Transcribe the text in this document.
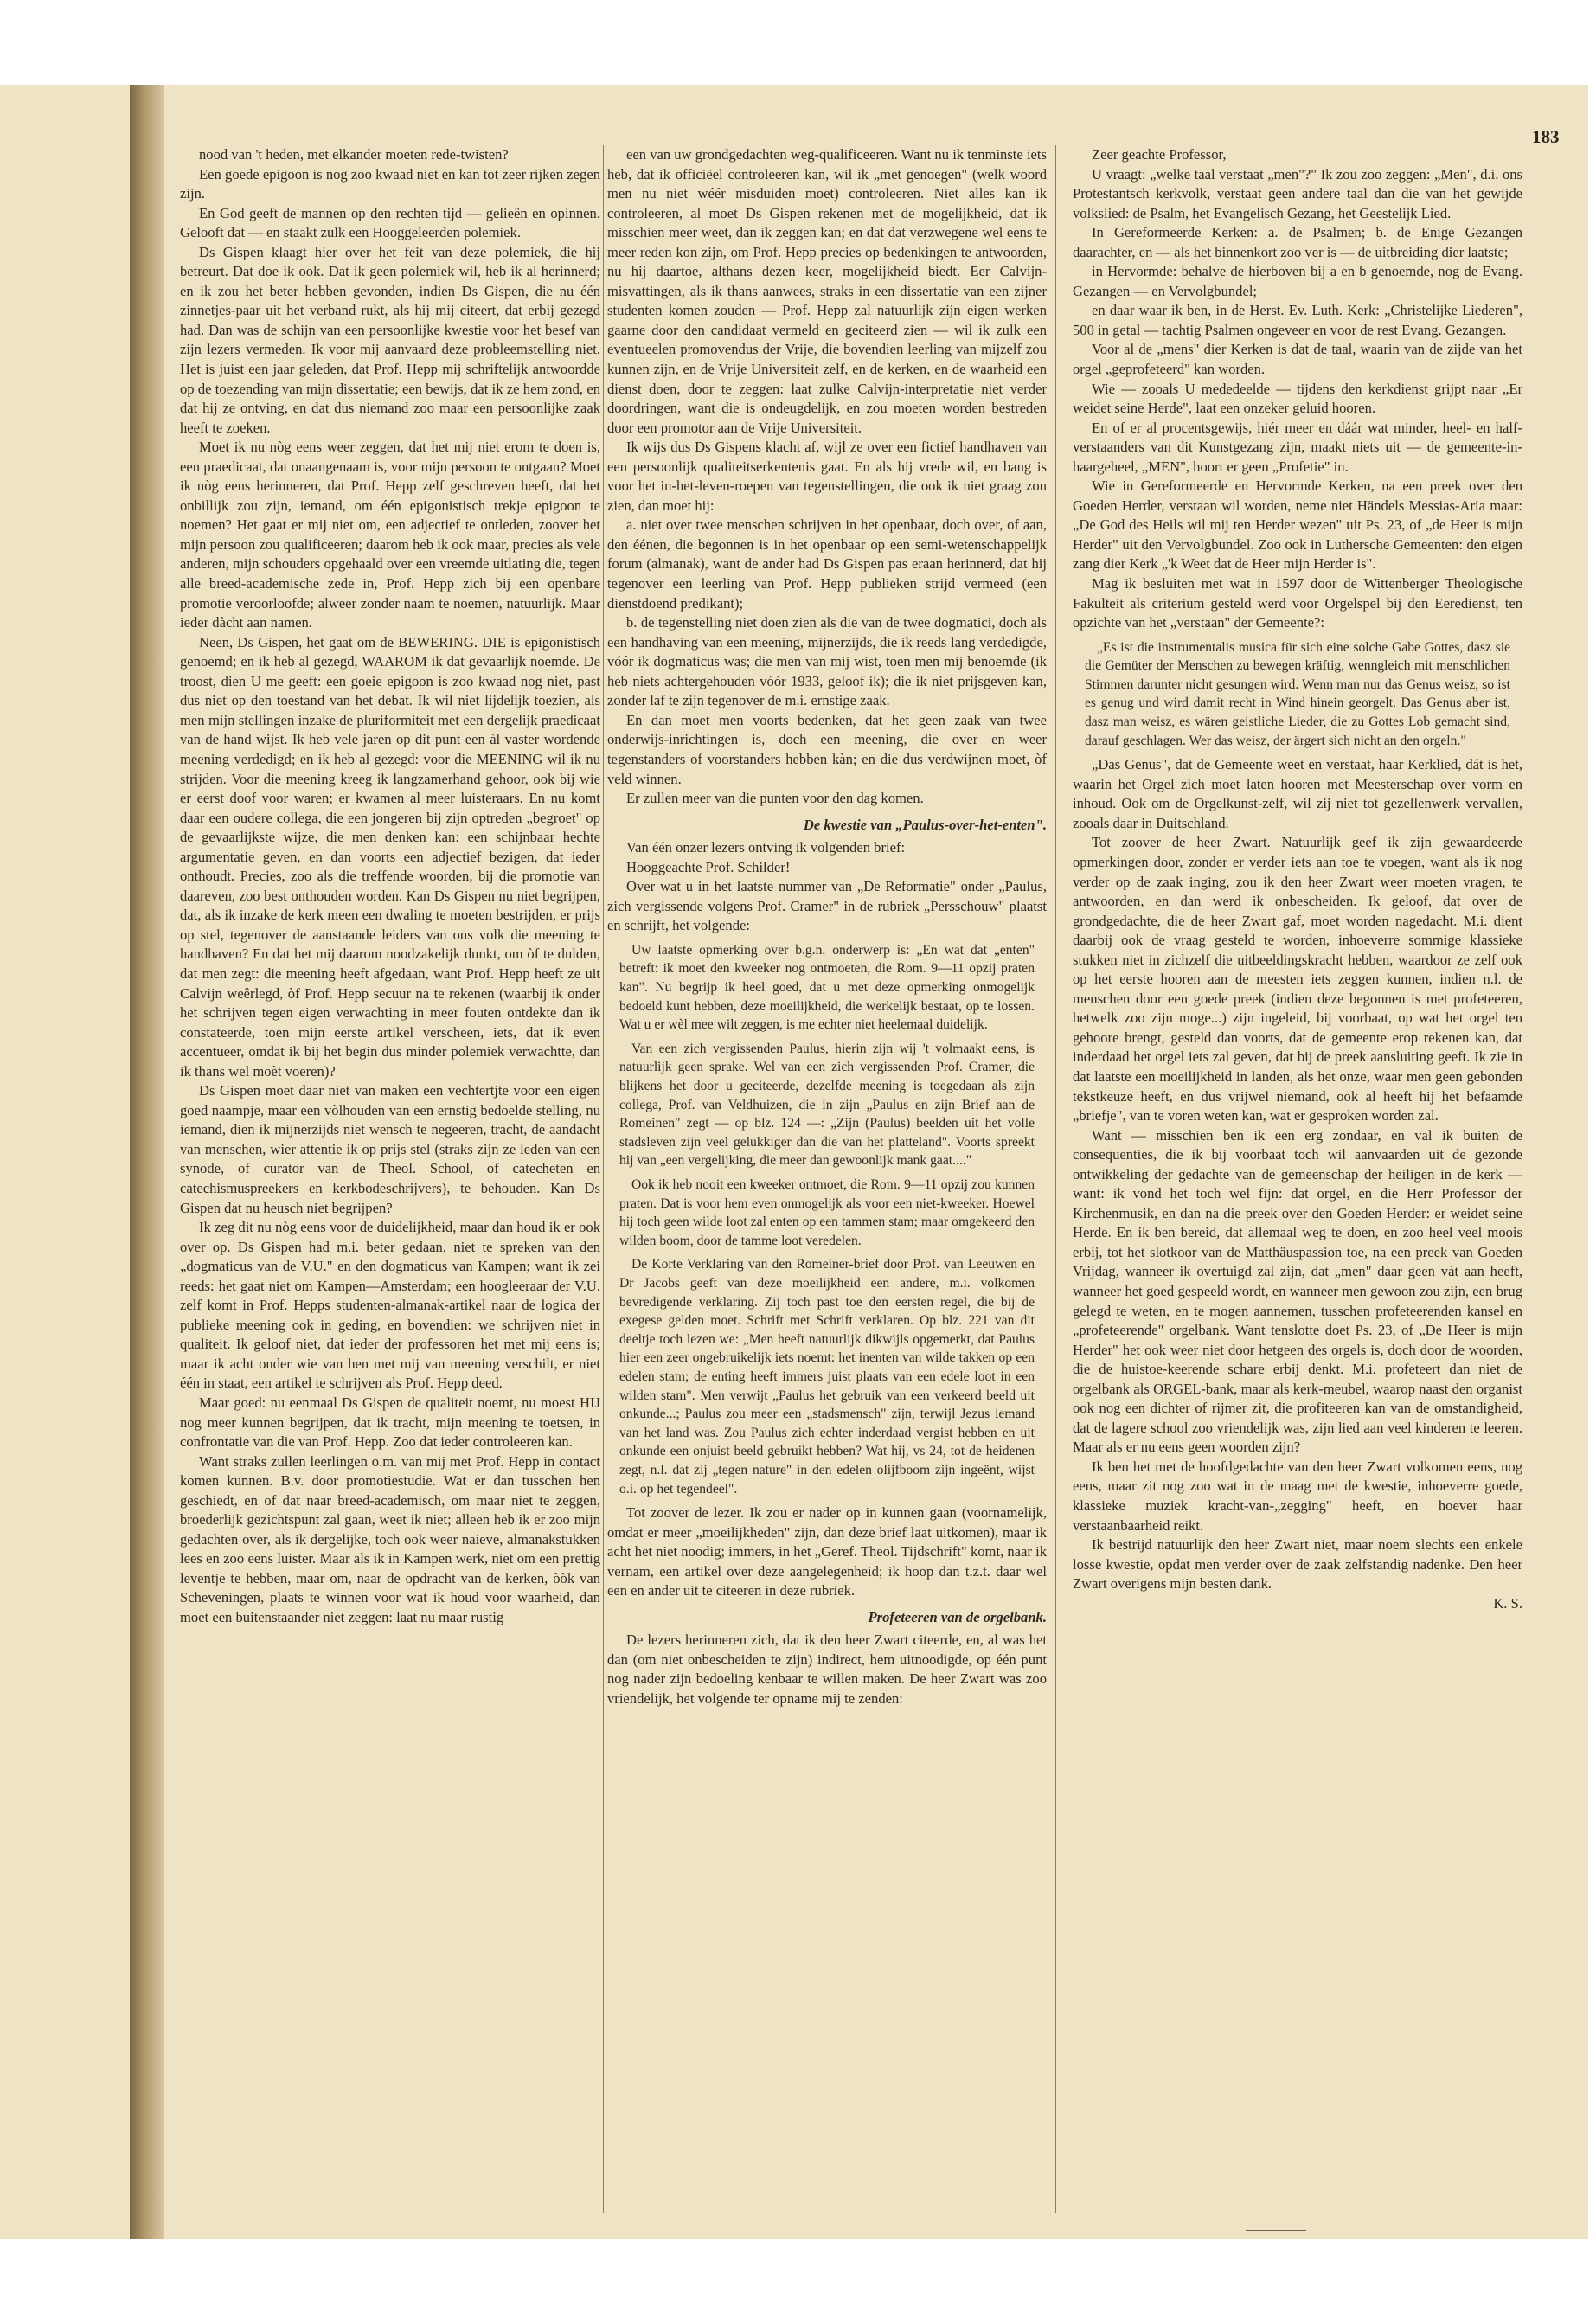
183

nood van 't heden, met elkander moeten rede-twisten?

Een goede epigoon is nog zoo kwaad niet en kan tot zeer rijken zegen zijn.

En God geeft de mannen op den rechten tijd — gelieën en opinnen. Gelooft dat — en staakt zulk een Hooggeleerden polemiek.

Ds Gispen klaagt hier over het feit van deze polemiek, die hij betreurt. Dat doe ik ook. Dat ik geen polemiek wil, heb ik al herinnerd; en ik zou het beter hebben gevonden, indien Ds Gispen, die nu één zinnetjes-paar uit het verband rukt, als hij mij citeert, dat erbij gezegd had. Dan was de schijn van een persoonlijke kwestie voor het besef van zijn lezers vermeden. Ik voor mij aanvaard deze probleemstelling niet. Het is juist een jaar geleden, dat Prof. Hepp mij schriftelijk antwoordde op de toezending van mijn dissertatie; een bewijs, dat ik ze hem zond, en dat hij ze ontving, en dat dus niemand zoo maar een persoonlijke zaak heeft te zoeken.

Moet ik nu nòg eens weer zeggen, dat het mij niet erom te doen is, een praedicaat, dat onaangenaam is, voor mijn persoon te ontgaan? Moet ik nòg eens herinneren, dat Prof. Hepp zelf geschreven heeft, dat het onbillijk zou zijn, iemand, om één epigonistisch trekje epigoon te noemen? Het gaat er mij niet om, een adjectief te ontleden, zoover het mijn persoon zou qualificeeren; daarom heb ik ook maar, precies als vele anderen, mijn schouders opgehaald over een vreemde uitlating die, tegen alle breed-academische zede in, Prof. Hepp zich bij een openbare promotie veroorloofde; alweer zonder naam te noemen, natuurlijk. Maar ieder dàcht aan namen.

Neen, Ds Gispen, het gaat om de BEWERING. DIE is epigonistisch genoemd; en ik heb al gezegd, WAAROM ik dat gevaarlijk noemde. De troost, dien U me geeft: een goeie epigoon is zoo kwaad nog niet, past dus niet op den toestand van het debat. Ik wil niet lijdelijk toezien, als men mijn stellingen inzake de pluriformiteit met een dergelijk praedicaat van de hand wijst. Ik heb vele jaren op dit punt een àl vaster wordende meening verdedigd; en ik heb al gezegd: voor die MEENING wil ik nu strijden. Voor die meening kreeg ik langzamerhand gehoor, ook bij wie er eerst doof voor waren; er kwamen al meer luisteraars. En nu komt daar een oudere collega, die een jongeren bij zijn optreden „begroet" op de gevaarlijkste wijze, die men denken kan: een schijnbaar hechte argumentatie geven, en dan voorts een adjectief bezigen, dat ieder onthoudt. Precies, zoo als die treffende woorden, bij die promotie van daareven, zoo best onthouden worden. Kan Ds Gispen nu niet begrijpen, dat, als ik inzake de kerk meen een dwaling te moeten bestrijden, er prijs op stel, tegenover de aanstaande leiders van ons volk die meening te handhaven? En dat het mij daarom noodzakelijk dunkt, om òf te dulden, dat men zegt: die meening heeft afgedaan, want Prof. Hepp heeft ze uit Calvijn weêrlegd, òf Prof. Hepp secuur na te rekenen (waarbij ik onder het schrijven tegen eigen verwachting in meer fouten ontdekte dan ik constateerde, toen mijn eerste artikel verscheen, iets, dat ik even accentueer, omdat ik bij het begin dus minder polemiek verwachtte, dan ik thans wel moèt voeren)?

Ds Gispen moet daar niet van maken een vechtertjte voor een eigen goed naampje, maar een vòlhouden van een ernstig bedoelde stelling, nu iemand, dien ik mijnerzijds niet wensch te negeeren, tracht, de aandacht van menschen, wier attentie ik op prijs stel (straks zijn ze leden van een synode, of curator van de Theol. School, of catecheten en catechismuspreekers en kerkbodeschrijvers), te behouden. Kan Ds Gispen dat nu heusch niet begrijpen?

Ik zeg dit nu nòg eens voor de duidelijkheid, maar dan houd ik er ook over op. Ds Gispen had m.i. beter gedaan, niet te spreken van den „dogmaticus van de V.U." en den dogmaticus van Kampen; want ik zei reeds: het gaat niet om Kampen—Amsterdam; een hoogleeraar der V.U. zelf komt in Prof. Hepps studenten-almanak-artikel naar de logica der publieke meening ook in geding, en bovendien: we schrijven niet in qualiteit. Ik geloof niet, dat ieder der professoren het met mij eens is; maar ik acht onder wie van hen met mij van meening verschilt, er niet één in staat, een artikel te schrijven als Prof. Hepp deed.

Maar goed: nu eenmaal Ds Gispen de qualiteit noemt, nu moest HIJ nog meer kunnen begrijpen, dat ik tracht, mijn meening te toetsen, in confrontatie van die van Prof. Hepp. Zoo dat ieder controleeren kan.

Want straks zullen leerlingen o.m. van mij met Prof. Hepp in contact komen kunnen. B.v. door promotiestudie. Wat er dan tusschen hen geschiedt, en of dat naar breed-academisch, om maar niet te zeggen, broederlijk gezichtspunt zal gaan, weet ik niet; alleen heb ik er zoo mijn gedachten over, als ik dergelijke, toch ook weer naieve, almanakstukken lees en zoo eens luister. Maar als ik in Kampen werk, niet om een prettig leventje te hebben, maar om, naar de opdracht van de kerken, òòk van Scheveningen, plaats te winnen voor wat ik houd voor waarheid, dan moet een buitenstaander niet zeggen: laat nu maar rustig

een van uw grondgedachten weg-qualificeeren. Want nu ik tenminste iets heb, dat ik officiëel controleeren kan, wil ik „met genoegen" (welk woord men nu niet wéér misduiden moet) controleeren. Niet alles kan ik controleeren, al moet Ds Gispen rekenen met de mogelijkheid, dat ik misschien meer weet, dan ik zeggen kan; en dat dat verzwegene wel eens te meer reden kon zijn, om Prof. Hepp precies op bedenkingen te antwoorden, nu hij daartoe, althans dezen keer, mogelijkheid biedt. Eer Calvijn-misvattingen, als ik thans aanwees, straks in een dissertatie van een zijner studenten komen zouden — Prof. Hepp zal natuurlijk zijn eigen werken gaarne door den candidaat vermeld en geciteerd zien — wil ik zulk een eventueelen promovendus der Vrije, die bovendien leerling van mijzelf zou kunnen zijn, en de Vrije Universiteit zelf, en de kerken, en de waarheid een dienst doen, door te zeggen: laat zulke Calvijn-interpretatie niet verder doordringen, want die is ondeugdelijk, en zou moeten worden bestreden door een promotor aan de Vrije Universiteit.

Ik wijs dus Ds Gispens klacht af, wijl ze over een fictief handhaven van een persoonlijk qualiteitserkentenis gaat. En als hij vrede wil, en bang is voor het in-het-leven-roepen van tegenstellingen, die ook ik niet graag zou zien, dan moet hij:

a. niet over twee menschen schrijven in het openbaar, doch over, of aan, den éénen, die begonnen is in het openbaar op een semi-wetenschappelijk forum (almanak), want de ander had Ds Gispen pas eraan herinnerd, dat hij tegenover een leerling van Prof. Hepp publieken strijd vermeed (een dienstdoend predikant);

b. de tegenstelling niet doen zien als die van de twee dogmatici, doch als een handhaving van een meening, mijnerzijds, die ik reeds lang verdedigde, vóór ik dogmaticus was; die men van mij wist, toen men mij benoemde (ik heb niets achtergehouden vóór 1933, geloof ik); die ik niet prijsgeven kan, zonder laf te zijn tegenover de m.i. ernstige zaak.

En dan moet men voorts bedenken, dat het geen zaak van twee onderwijs-inrichtingen is, doch een meening, die over en weer tegenstanders of voorstanders hebben kàn; en die dus verdwijnen moet, òf veld winnen.

Er zullen meer van die punten voor den dag komen.

De kwestie van „Paulus-over-het-enten".

Van één onzer lezers ontving ik volgenden brief:

Hooggeachte Prof. Schilder!

Over wat u in het laatste nummer van „De Reformatie" onder „Paulus, zich vergissende volgens Prof. Cramer" in de rubriek „Persschouw" plaatst en schrijft, het volgende:

Uw laatste opmerking over b.g.n. onderwerp is: „En wat dat „enten" betreft: ik moet den kweeker nog ontmoeten, die Rom. 9—11 opzij praten kan". Nu begrijp ik heel goed, dat u met deze opmerking onmogelijk bedoeld kunt hebben, deze moeilijkheid, die werkelijk bestaat, op te lossen. Wat u er wèl mee wilt zeggen, is me echter niet heelemaal duidelijk.

Van een zich vergissenden Paulus, hierin zijn wij 't volmaakt eens, is natuurlijk geen sprake. Wel van een zich vergissenden Prof. Cramer, die blijkens het door u geciteerde, dezelfde meening is toegedaan als zijn collega, Prof. van Veldhuizen, die in zijn „Paulus en zijn Brief aan de Romeinen" zegt — op blz. 124 —: „Zijn (Paulus) beelden uit het volle stadsleven zijn veel gelukkiger dan die van het platteland". Voorts spreekt hij van „een vergelijking, die meer dan gewoonlijk mank gaat...."

Ook ik heb nooit een kweeker ontmoet, die Rom. 9—11 opzij zou kunnen praten. Dat is voor hem even onmogelijk als voor een niet-kweeker. Hoewel hij toch geen wilde loot zal enten op een tammen stam; maar omgekeerd den wilden boom, door de tamme loot veredelen.

De Korte Verklaring van den Romeiner-brief door Prof. van Leeuwen en Dr Jacobs geeft van deze moeilijkheid een andere, m.i. volkomen bevredigende verklaring. Zij toch past toe den eersten regel, die bij de exegese gelden moet. Schrift met Schrift verklaren. Op blz. 221 van dit deeltje toch lezen we: „Men heeft natuurlijk dikwijls opgemerkt, dat Paulus hier een zeer ongebruikelijk iets noemt: het inenten van wilde takken op een edelen stam; de enting heeft immers juist plaats van een edele loot in een wilden stam". Men verwijt „Paulus het gebruik van een verkeerd beeld uit onkunde...; Paulus zou meer een „stadsmensch" zijn, terwijl Jezus iemand van het land was. Zou Paulus zich echter inderdaad vergist hebben en uit onkunde een onjuist beeld gebruikt hebben? Wat hij, vs 24, tot de heidenen zegt, n.l. dat zij „tegen nature" in den edelen olijfboom zijn ingeënt, wijst o.i. op het tegendeel".

Tot zoover de lezer. Ik zou er nader op in kunnen gaan (voornamelijk, omdat er meer „moeilijkheden" zijn, dan deze brief laat uitkomen), maar ik acht het niet noodig; immers, in het „Geref. Theol. Tijdschrift" komt, naar ik vernam, een artikel over deze aangelegenheid; ik hoop dan t.z.t. daar wel een en ander uit te citeeren in deze rubriek.

Profeteeren van de orgelbank.

De lezers herinneren zich, dat ik den heer Zwart citeerde, en, al was het dan (om niet onbescheiden te zijn) indirect, hem uitnoodigde, op één punt nog nader zijn bedoeling kenbaar te willen maken. De heer Zwart was zoo vriendelijk, het volgende ter opname mij te zenden:

Zeer geachte Professor,

U vraagt: „welke taal verstaat „men"?" Ik zou zoo zeggen: „Men", d.i. ons Protestantsch kerkvolk, verstaat geen andere taal dan die van het gewijde volkslied: de Psalm, het Evangelisch Gezang, het Geestelijk Lied.

In Gereformeerde Kerken: a. de Psalmen; b. de Enige Gezangen daarachter, en — als het binnenkort zoo ver is — de uitbreiding dier laatste;

in Hervormde: behalve de hierboven bij a en b genoemde, nog de Evang. Gezangen — en Vervolgbundel;

en daar waar ik ben, in de Herst. Ev. Luth. Kerk: „Christelijke Liederen", 500 in getal — tachtig Psalmen ongeveer en voor de rest Evang. Gezangen.

Voor al de „mens" dier Kerken is dat de taal, waarin van de zijde van het orgel „geprofeteerd" kan worden.

Wie — zooals U mededeelde — tijdens den kerkdienst grijpt naar „Er weidet seine Herde", laat een onzeker geluid hooren.

En of er al procentsgewijs, hiér meer en dáár wat minder, heel- en half-verstaanders van dit Kunstgezang zijn, maakt niets uit — de gemeente-in-haargeheel, „MEN", hoort er geen „Profetie" in.

Wie in Gereformeerde en Hervormde Kerken, na een preek over den Goeden Herder, verstaan wil worden, neme niet Händels Messias-Aria maar: „De God des Heils wil mij ten Herder wezen" uit Ps. 23, of „de Heer is mijn Herder" uit den Vervolgbundel. Zoo ook in Luthersche Gemeenten: den eigen zang dier Kerk „'k Weet dat de Heer mijn Herder is".

Mag ik besluiten met wat in 1597 door de Wittenberger Theologische Fakulteit als criterium gesteld werd voor Orgelspel bij den Eeredienst, ten opzichte van het „verstaan" der Gemeente?:

„Es ist die instrumentalis musica für sich eine solche Gabe Gottes, dasz sie die Gemüter der Menschen zu bewegen kräftig, wenngleich mit menschlichen Stimmen darunter nicht gesungen wird. Wenn man nur das Genus weisz, so ist es genug und wird damit recht in Wind hinein georgelt. Das Genus aber ist, dasz man weisz, es wären geistliche Lieder, die zu Gottes Lob gemacht sind, darauf geschlagen. Wer das weisz, der ärgert sich nicht an den orgeln."

„Das Genus", dat de Gemeente weet en verstaat, haar Kerklied, dát is het, waarin het Orgel zich moet laten hooren met Meesterschap over vorm en inhoud. Ook om de Orgelkunst-zelf, wil zij niet tot gezellenwerk vervallen, zooals daar in Duitschland.

Tot zoover de heer Zwart. Natuurlijk geef ik zijn gewaardeerde opmerkingen door, zonder er verder iets aan toe te voegen, want als ik nog verder op de zaak inging, zou ik den heer Zwart weer moeten vragen, te antwoorden, en dan werd ik onbescheiden. Ik geloof, dat over de grondgedachte, die de heer Zwart gaf, moet worden nagedacht. M.i. dient daarbij ook de vraag gesteld te worden, inhoeverre sommige klassieke stukken niet in zichzelf die uitbeeldingskracht hebben, waardoor ze zelf ook op het eerste hooren aan de meesten iets zeggen kunnen, indien n.l. de menschen door een goede preek (indien deze begonnen is met profeteeren, hetwelk zoo zijn moge...) zijn ingeleid, bij voorbaat, op wat het orgel ten gehoore brengt, gesteld dan voorts, dat de gemeente erop rekenen kan, dat inderdaad het orgel iets zal geven, dat bij de preek aansluiting geeft. Ik zie in dat laatste een moeilijkheid in landen, als het onze, waar men geen gebonden tekstkeuze heeft, en dus vrijwel niemand, ook al heeft hij het befaamde „briefje", van te voren weten kan, wat er gesproken worden zal.

Want — misschien ben ik een erg zondaar, en val ik buiten de consequenties, die ik bij voorbaat toch wil aanvaarden uit de gezonde ontwikkeling der gedachte van de gemeenschap der heiligen in de kerk — want: ik vond het toch wel fijn: dat orgel, en die Herr Professor der Kirchenmusik, en dan na die preek over den Goeden Herder: er weidet seine Herde. En ik ben bereid, dat allemaal weg te doen, en zoo heel veel moois erbij, tot het slotkoor van de Matthäuspassion toe, na een preek van Goeden Vrijdag, wanneer ik overtuigd zal zijn, dat „men" daar geen vàt aan heeft, wanneer het goed gespeeld wordt, en wanneer men gewoon zou zijn, een brug gelegd te weten, en te mogen aannemen, tusschen profeteerenden kansel en „profeteerende" orgelbank. Want tenslotte doet Ps. 23, of „De Heer is mijn Herder" het ook weer niet door hetgeen des orgels is, doch door de woorden, die de huistoe-keerende schare erbij denkt. M.i. profeteert dan niet de orgelbank als ORGEL-bank, maar als kerk-meubel, waarop naast den organist ook nog een dichter of rijmer zit, die profiteeren kan van de omstandigheid, dat de lagere school zoo vriendelijk was, zijn lied aan veel kinderen te leeren. Maar als er nu eens geen woorden zijn?

Ik ben het met de hoofdgedachte van den heer Zwart volkomen eens, nog eens, maar zit nog zoo wat in de maag met de kwestie, inhoeverre goede, klassieke muziek kracht-van-„zegging" heeft, en hoever haar verstaanbaarheid reikt.

Ik bestrijd natuurlijk den heer Zwart niet, maar noem slechts een enkele losse kwestie, opdat men verder over de zaak zelfstandig nadenke. Den heer Zwart overigens mijn besten dank.

K. S.
